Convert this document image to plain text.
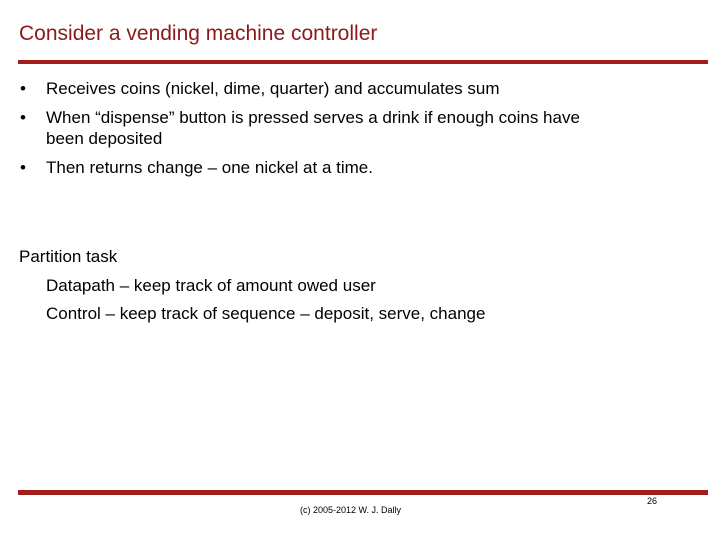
Consider a vending machine controller
• Receives coins (nickel, dime, quarter) and accumulates sum
• When “dispense” button is pressed serves a drink if enough coins have
been deposited
• Then returns change – one nickel at a time.
Partition task
Datapath – keep track of amount owed user
Control – keep track of sequence – deposit, serve, change
(c) 2005-2012 W. J. Dally
26
